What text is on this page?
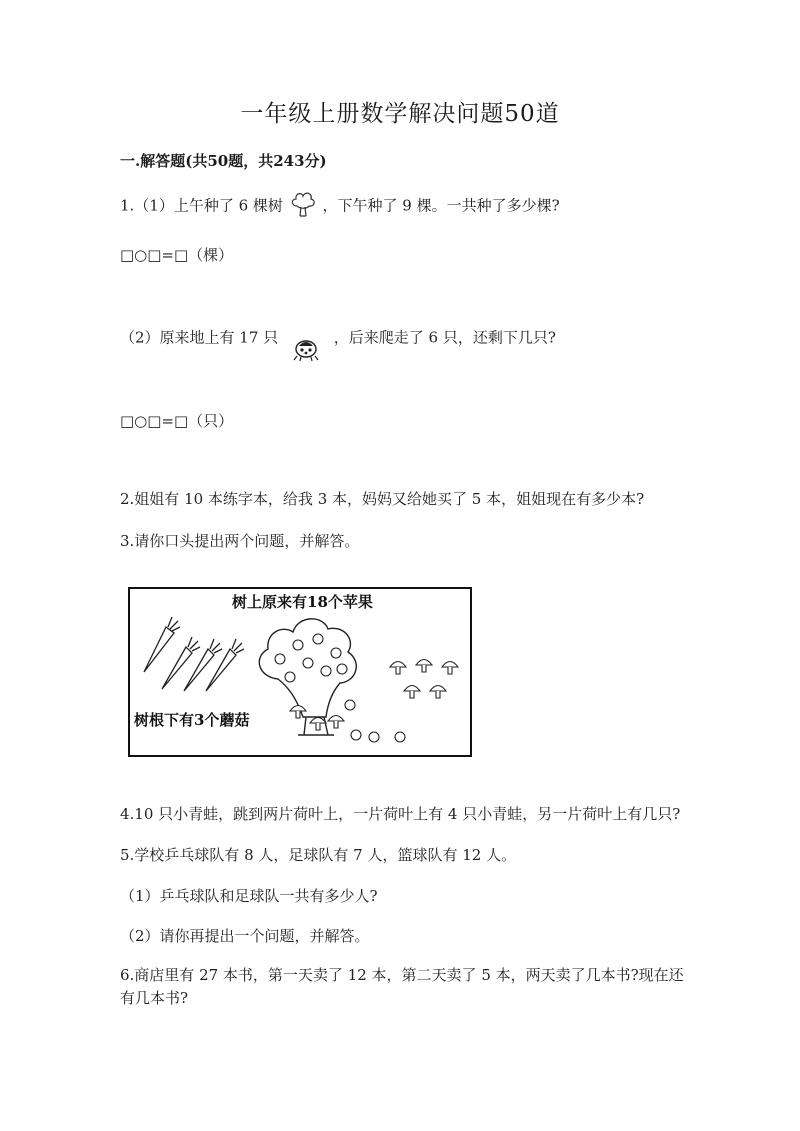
一年级上册数学解决问题50道
一.解答题(共50题，共243分)
1.（1）上午种了 6 棵树	，下午种了 9 棵。一共种了多少棵?
□○□=□（棵）
（2）原来地上有 17 只	，后来爬走了 6 只，还剩下几只?
□○□=□（只）
2.姐姐有 10 本练字本，给我 3 本，妈妈又给她买了 5 本，姐姐现在有多少本?
3.请你口头提出两个问题，并解答。
树上原来有18个苹果
树根下有3个蘑菇
4.10 只小青蛙，跳到两片荷叶上，一片荷叶上有 4 只小青蛙，另一片荷叶上有几只?
5.学校乒乓球队有 8 人，足球队有 7 人，篮球队有 12 人。
（1）乒乓球队和足球队一共有多少人?
（2）请你再提出一个问题，并解答。
6.商店里有 27 本书，第一天卖了 12 本，第二天卖了 5 本，两天卖了几本书?现在还有几本书?
